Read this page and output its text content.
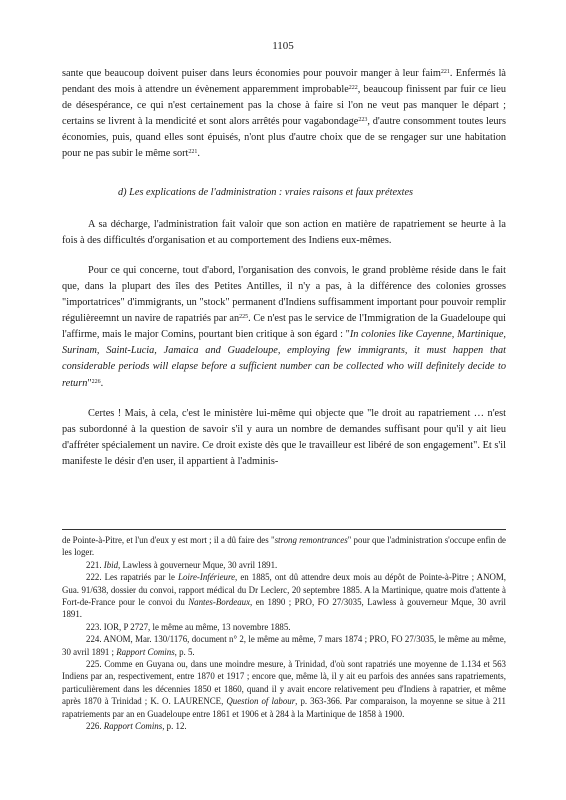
1105

sante que beaucoup doivent puiser dans leurs économies pour pouvoir manger à leur faim$^{221}$. Enfermés là pendant des mois à attendre un évènement apparemment improbable$^{222}$, beaucoup finissent par fuir ce lieu de désespérance, ce qui n'est certainement pas la chose à faire si l'on ne veut pas manquer le départ ; certains se livrent à la mendicité et sont alors arrêtés pour vagabondage$^{223}$, d'autre consomment toutes leurs économies, puis, quand elles sont épuisés, n'ont plus d'autre choix que de se rengager sur une habitation pour ne pas subir le même sort$^{221}$.

d) Les explications de l'administration : vraies raisons et faux prétextes

A sa décharge, l'administration fait valoir que son action en matière de rapatriement se heurte à la fois à des difficultés d'organisation et au comportement des Indiens eux-mêmes.

Pour ce qui concerne, tout d'abord, l'organisation des convois, le grand problème réside dans le fait que, dans la plupart des îles des Petites Antilles, il n'y a pas, à la différence des colonies grosses "importatrices" d'immigrants, un "stock" permanent d'Indiens suffisamment important pour pouvoir remplir régulièreemnt un navire de rapatriés par $an^{225}$. Ce n'est pas le service de l'Immigration de la Guadeloupe qui l'affirme, mais le major Comins, pourtant bien critique à son égard : "In colonies like Cayenne, Martinique, Surinam, Saint-Lucia, Jamaica and Guadeloupe, employing few immigrants, it must happen that considerable periods will elapse before a sufficient number can be collected who will definitely decide to return"$^{226}$.

Certes ! Mais, à cela, c'est le ministère lui-même qui objecte que "le droit au rapatriement … n'est pas subordonné à la question de savoir s'il y aura un nombre de demandes suffisant pour qu'il y ait lieu d'affréter spécialement un navire. Ce droit existe dès que le travailleur est libéré de son engagement". Et s'il manifeste le désir d'en user, il appartient à l'adminis-

de Pointe-à-Pitre, et l'un d'eux y est mort ; il a dû faire des "strong remontrances" pour que l'administration s'occupe enfin de les loger.

221. Ibid, Lawless à gouverneur Mque, 30 avril 1891.

222. Les rapatriés par le Loire-Inférieure, en 1885, ont dû attendre deux mois au dépôt de Pointe-à-Pitre ; ANOM, Gua. 91/638, dossier du convoi, rapport médical du Dr Leclerc, 20 septembre 1885. A la Martinique, quatre mois d'attente à Fort-de-France pour le convoi du Nantes-Bordeaux, en 1890 ; PRO, FO 27/3035, Lawless à gouverneur Mque, 30 avril 1891.

223. IOR, P 2727, le même au même, 13 novembre 1885.

224. ANOM, Mar. 130/1176, document n° 2, le même au même, 7 mars 1874 ; PRO, FO 27/3035, le même au même, 30 avril 1891 ; Rapport Comins, p. 5.

225. Comme en Guyana ou, dans une moindre mesure, à Trinidad, d'où sont rapatriés une moyenne de 1.134 et 563 Indiens par an, respectivement, entre 1870 et 1917 ; encore que, même là, il y ait eu parfois des années sans rapatriements, particulièrement dans les décennies 1850 et 1860, quand il y avait encore relativement peu d'Indiens à rapatrier, et même après 1870 à Trinidad ; K. O. LAURENCE, Question of labour, p. 363-366. Par comparaison, la moyenne se situe à 211 rapatriements par an en Guadeloupe entre 1861 et 1906 et à 284 à la Martinique de 1858 à 1900.

226. Rapport Comins, p. 12.
